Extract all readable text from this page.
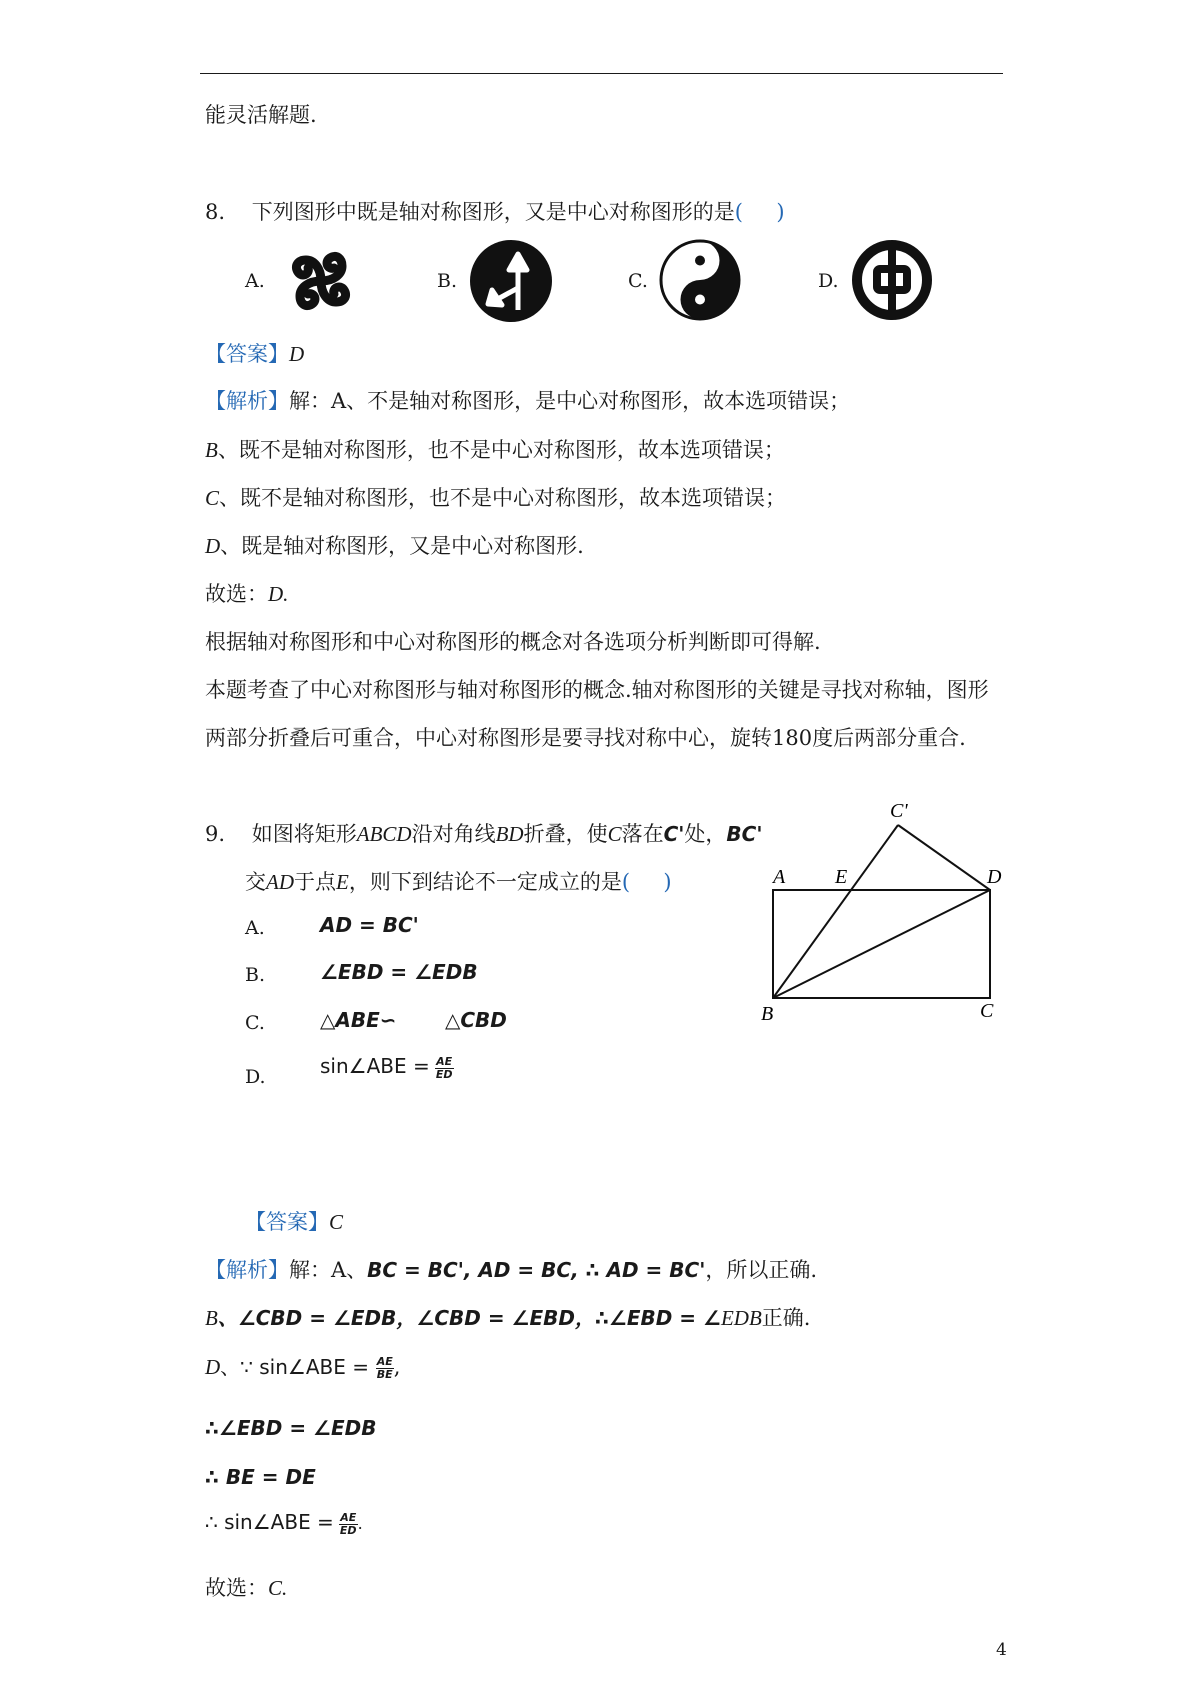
能灵活解题.
8. 下列图形中既是轴对称图形，又是中心对称图形的是( )
A.	B.	C.	D.
【答案】D
【解析】解：A、不是轴对称图形，是中心对称图形，故本选项错误；
B、既不是轴对称图形，也不是中心对称图形，故本选项错误；
C、既不是轴对称图形，也不是中心对称图形，故本选项错误；
D、既是轴对称图形，又是中心对称图形.
故选：D.
根据轴对称图形和中心对称图形的概念对各选项分析判断即可得解.
本题考查了中心对称图形与轴对称图形的概念.轴对称图形的关键是寻找对称轴，图形
两部分折叠后可重合，中心对称图形是要寻找对称中心，旋转180度后两部分重合.
9. 如图将矩形ABCD沿对角线BD折叠，使C落在C'处，BC'
交AD于点E，则下到结论不一定成立的是( )
A.	AD = BC'
B.	∠EBD = ∠EDB
C.	△ABE∽ △CBD
D.	sin∠ABE = $\frac{AE}{ED}$
C'
A E	D
B	C
【答案】C
【解析】解：A、BC = BC', AD = BC, ∴ AD = BC'，所以正确.
B、∠CBD = ∠EDB，∠CBD = ∠EBD，∴∠EBD = ∠EDB正确.
D、∵ sin∠ABE = $\frac{AE}{BE}$ ,
∴∠EBD = ∠EDB
∴ BE = DE
∴ sin∠ABE = $\frac{AE}{ED}$ .
故选：C.
4
